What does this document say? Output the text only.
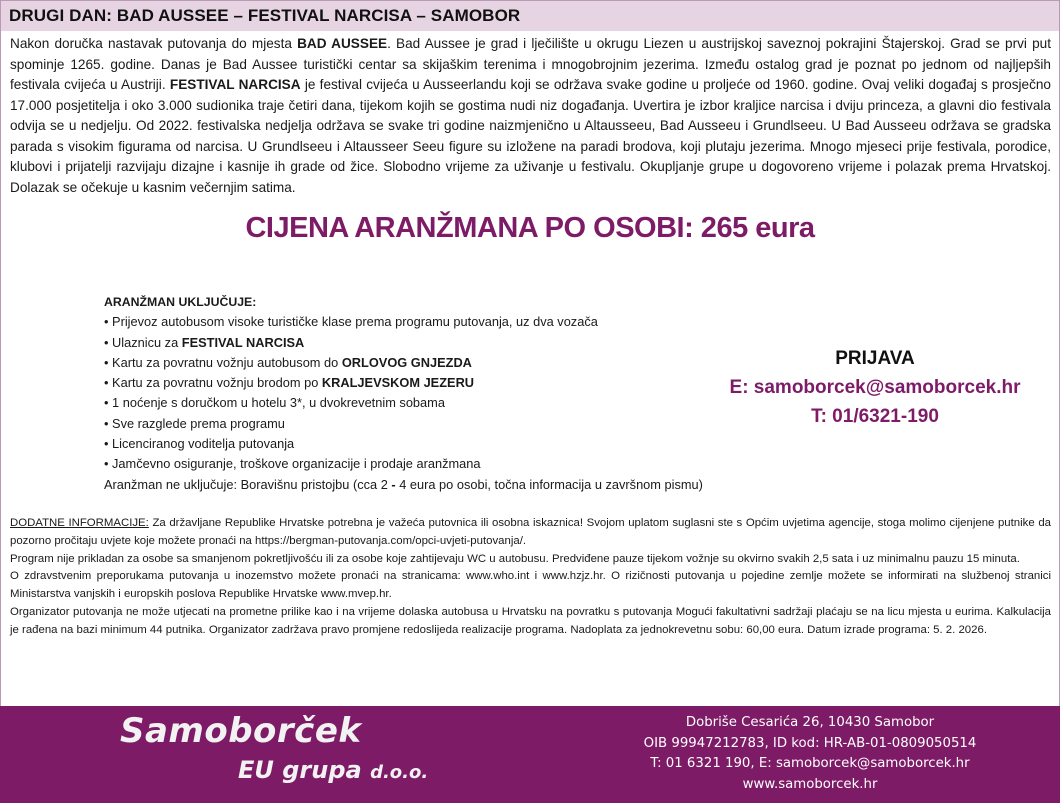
DRUGI DAN: BAD AUSSEE – FESTIVAL NARCISA – SAMOBOR
Nakon doručka nastavak putovanja do mjesta BAD AUSSEE. Bad Aussee je grad i lječilište u okrugu Liezen u austrijskoj saveznoj pokrajini Štajerskoj. Grad se prvi put spominje 1265. godine. Danas je Bad Aussee turistički centar sa skijaškim terenima i mnogobrojnim jezerima. Između ostalog grad je poznat po jednom od najljepših festivala cvijeća u Austriji. FESTIVAL NARCISA je festival cvijeća u Ausseerlandu koji se održava svake godine u proljeće od 1960. godine. Ovaj veliki događaj s prosječno 17.000 posjetitelja i oko 3.000 sudionika traje četiri dana, tijekom kojih se gostima nudi niz događanja. Uvertira je izbor kraljice narcisa i dviju princeza, a glavni dio festivala odvija se u nedjelju. Od 2022. festivalska nedjelja održava se svake tri godine naizmjenično u Altausseeu, Bad Ausseeu i Grundlseeu. U Bad Ausseeu održava se gradska parada s visokim figurama od narcisa. U Grundlseeu i Altausseer Seeu figure su izložene na paradi brodova, koji plutaju jezerima. Mnogo mjeseci prije festivala, porodice, klubovi i prijatelji razvijaju dizajne i kasnije ih grade od žice. Slobodno vrijeme za uživanje u festivalu. Okupljanje grupe u dogovoreno vrijeme i polazak prema Hrvatskoj. Dolazak se očekuje u kasnim večernjim satima.
CIJENA ARANŽMANA PO OSOBI: 265 eura
ARANŽMAN UKLJUČUJE:
• Prijevoz autobusom visoke turističke klase prema programu putovanja, uz dva vozača
• Ulaznicu za FESTIVAL NARCISA
• Kartu za povratnu vožnju autobusom do ORLOVOG GNJEZDA
• Kartu za povratnu vožnju brodom po KRALJEVSKOM JEZERU
• 1 noćenje s doručkom u hotelu 3*, u dvokrevetnim sobama
• Sve razglede prema programu
• Licenciranog voditelja putovanja
• Jamčevno osiguranje, troškove organizacije i prodaje aranžmana
Aranžman ne uključuje: Boravišnu pristojbu (cca 2 - 4 eura po osobi, točna informacija u završnom pismu)
PRIJAVA
E: samoborcek@samoborcek.hr
T: 01/6321-190
DODATNE INFORMACIJE: Za državljane Republike Hrvatske potrebna je važeća putovnica ili osobna iskaznica! Svojom uplatom suglasni ste s Općim uvjetima agencije, stoga molimo cijenjene putnike da pozorno pročitaju uvjete koje možete pronaći na https://bergman-putovanja.com/opci-uvjeti-putovanja/.
Program nije prikladan za osobe sa smanjenom pokretljivošću ili za osobe koje zahtijevaju WC u autobusu. Predviđene pauze tijekom vožnje su okvirno svakih 2,5 sata i uz minimalnu pauzu 15 minuta.
O zdravstvenim preporukama putovanja u inozemstvo možete pronaći na stranicama: www.who.int i www.hzjz.hr. O rizičnosti putovanja u pojedine zemlje možete se informirati na službenoj stranici Ministarstva vanjskih i europskih poslova Republike Hrvatske www.mvep.hr.
Organizator putovanja ne može utjecati na prometne prilike kao i na vrijeme dolaska autobusa u Hrvatsku na povratku s putovanja Mogući fakultativni sadržaji plaćaju se na licu mjesta u eurima. Kalkulacija je rađena na bazi minimum 44 putnika. Organizator zadržava pravo promjene redoslijeda realizacije programa. Nadoplata za jednokrevetnu sobu: 60,00 eura. Datum izrade programa: 5. 2. 2026.
Samoborček
EU grupa d.o.o.
Dobriše Cesarića 26, 10430 Samobor
OIB 99947212783, ID kod: HR-AB-01-0809050514
T: 01 6321 190, E: samoborcek@samoborcek.hr
www.samoborcek.hr
